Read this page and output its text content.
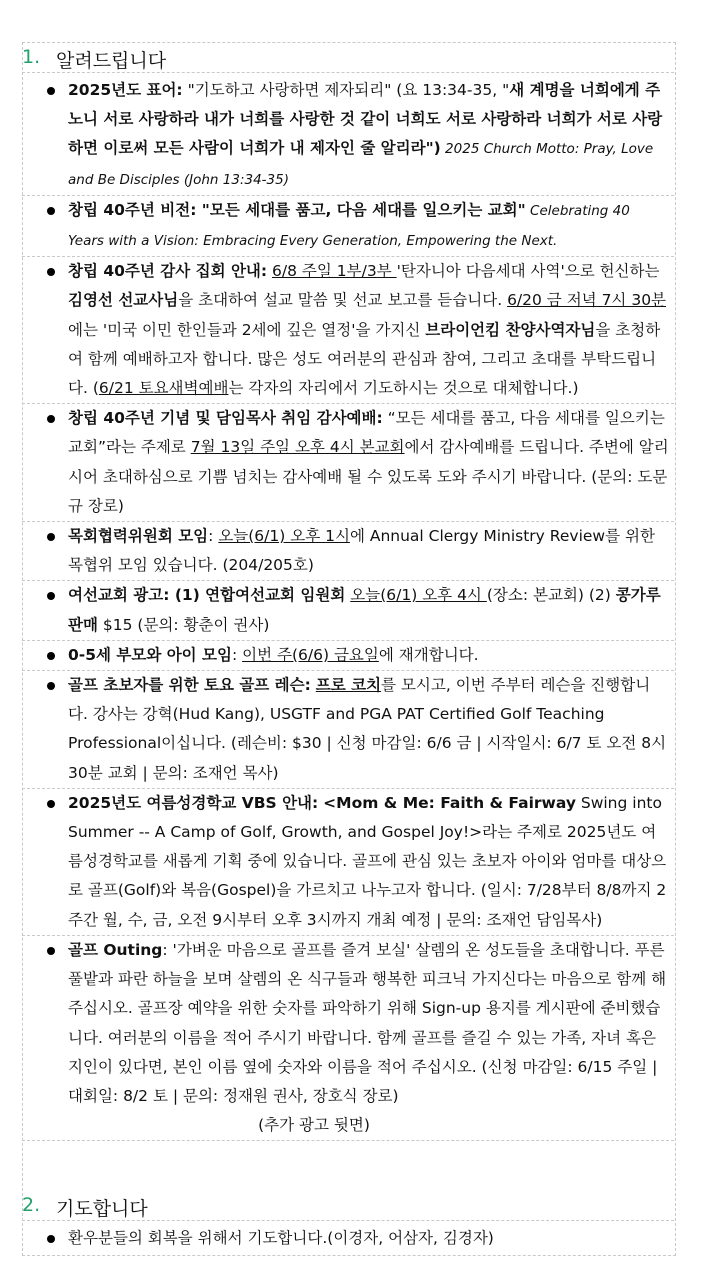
1. 알려드립니다
2025년도 표어: "기도하고 사랑하면 제자되리" (요 13:34-35, "새 계명을 너희에게 주노니 서로 사랑하라 내가 너희를 사랑한 것 같이 너희도 서로 사랑하라 너희가 서로 사랑하면 이로써 모든 사람이 너희가 내 제자인 줄 알리라") 2025 Church Motto: Pray, Love and Be Disciples (John 13:34-35)
창립 40주년 비전: "모든 세대를 품고, 다음 세대를 일으키는 교회" Celebrating 40 Years with a Vision: Embracing Every Generation, Empowering the Next.
창립 40주년 감사 집회 안내: 6/8 주일 1부/3부 '탄자니아 다음세대 사역'으로 헌신하는 김영선 선교사님을 초대하여 설교 말씀 및 선교 보고를 듣습니다. 6/20 금 저녁 7시 30분에는 '미국 이민 한인들과 2세에 깊은 열정'을 가지신 브라이언킴 찬양사역자님을 초청하여 함께 예배하고자 합니다. 많은 성도 여러분의 관심과 참여, 그리고 초대를 부탁드립니다. (6/21 토요새벽예배는 각자의 자리에서 기도하시는 것으로 대체합니다.)
창립 40주년 기념 및 담임목사 취임 감사예배: “모든 세대를 품고, 다음 세대를 일으키는 교회”라는 주제로 7월 13일 주일 오후 4시 본교회에서 감사예배를 드립니다. 주변에 알리시어 초대하심으로 기쁨 넘치는 감사예배 될 수 있도록 도와 주시기 바랍니다. (문의: 도문규 장로)
목회협력위원회 모임: 오늘(6/1) 오후 1시에 Annual Clergy Ministry Review를 위한 목협위 모임 있습니다. (204/205호)
여선교회 광고: (1) 연합여선교회 임원회 오늘(6/1) 오후 4시 (장소: 본교회) (2) 콩가루 판매 $15 (문의: 황춘이 권사)
0-5세 부모와 아이 모임: 이번 주(6/6) 금요일에 재개합니다.
골프 초보자를 위한 토요 골프 레슨: 프로 코치를 모시고, 이번 주부터 레슨을 진행합니다. 강사는 강혁(Hud Kang), USGTF and PGA PAT Certified Golf Teaching Professional이십니다. (레슨비: $30 | 신청 마감일: 6/6 금 | 시작일시: 6/7 토 오전 8시 30분 교회 | 문의: 조재언 목사)
2025년도 여름성경학교 VBS 안내: <Mom & Me: Faith & Fairway Swing into Summer -- A Camp of Golf, Growth, and Gospel Joy!>라는 주제로 2025년도 여름성경학교를 새롭게 기획 중에 있습니다. 골프에 관심 있는 초보자 아이와 엄마를 대상으로 골프(Golf)와 복음(Gospel)을 가르치고 나누고자 합니다. (일시: 7/28부터 8/8까지 2주간 월, 수, 금, 오전 9시부터 오후 3시까지 개최 예정 | 문의: 조재언 담임목사)
골프 Outing: '가벼운 마음으로 골프를 즐겨 보실' 살렘의 온 성도들을 초대합니다. 푸른 풀밭과 파란 하늘을 보며 살렘의 온 식구들과 행복한 피크닉 가지신다는 마음으로 함께 해주십시오. 골프장 예약을 위한 숫자를 파악하기 위해 Sign-up 용지를 게시판에 준비했습니다. 여러분의 이름을 적어 주시기 바랍니다. 함께 골프를 즐길 수 있는 가족, 자녀 혹은 지인이 있다면, 본인 이름 옆에 숫자와 이름을 적어 주십시오. (신청 마감일: 6/15 주일 | 대회일: 8/2 토 | 문의: 정재원 권사, 장호식 장로)
(추가 광고 뒷면)
2. 기도합니다
환우분들의 회복을 위해서 기도합니다.(이경자, 어삼자, 김경자)
